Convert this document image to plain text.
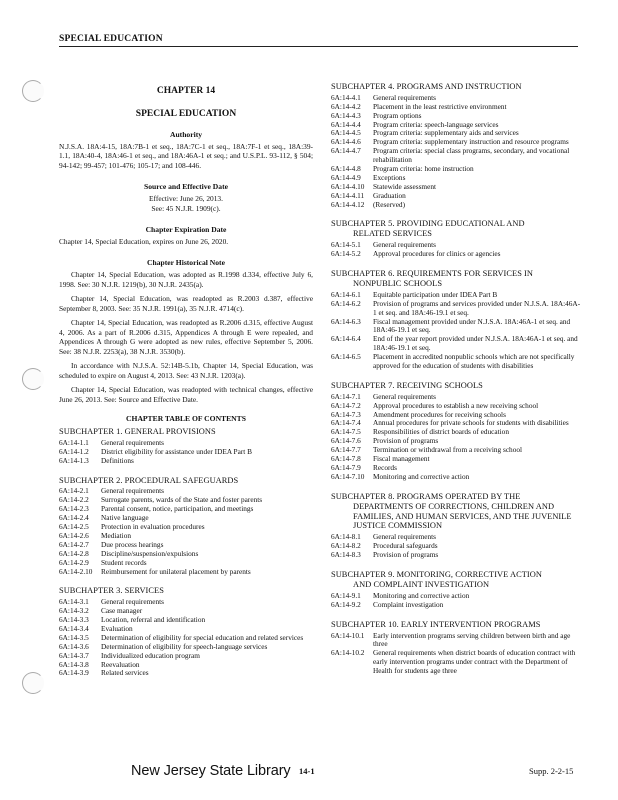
SPECIAL EDUCATION
CHAPTER 14
SPECIAL EDUCATION
Authority
N.J.S.A. 18A:4-15, 18A:7B-1 et seq., 18A:7C-1 et seq., 18A:7F-1 et seq., 18A:39-1.1, 18A:40-4, 18A:46-1 et seq., and 18A:46A-1 et seq.; and U.S.P.L. 93-112, § 504; 94-142; 99-457; 101-476; 105-17; and 108-446.
Source and Effective Date
Effective: June 26, 2013.
See: 45 N.J.R. 1909(c).
Chapter Expiration Date
Chapter 14, Special Education, expires on June 26, 2020.
Chapter Historical Note
Chapter 14, Special Education, was adopted as R.1998 d.334, effective July 6, 1998. See: 30 N.J.R. 1219(b), 30 N.J.R. 2435(a).
Chapter 14, Special Education, was readopted as R.2003 d.387, effective September 8, 2003. See: 35 N.J.R. 1991(a), 35 N.J.R. 4714(c).
Chapter 14, Special Education, was readopted as R.2006 d.315, effective August 4, 2006. As a part of R.2006 d.315, Appendices A through E were repealed, and Appendices A through G were adopted as new rules, effective September 5, 2006. See: 38 N.J.R. 2253(a), 38 N.J.R. 3530(b).
In accordance with N.J.S.A. 52:14B-5.1b, Chapter 14, Special Education, was scheduled to expire on August 4, 2013. See: 43 N.J.R. 1203(a).
Chapter 14, Special Education, was readopted with technical changes, effective June 26, 2013. See: Source and Effective Date.
CHAPTER TABLE OF CONTENTS
SUBCHAPTER 1. GENERAL PROVISIONS
6A:14-1.1	General requirements
6A:14-1.2	District eligibility for assistance under IDEA Part B
6A:14-1.3	Definitions
SUBCHAPTER 2. PROCEDURAL SAFEGUARDS
6A:14-2.1	General requirements
6A:14-2.2	Surrogate parents, wards of the State and foster parents
6A:14-2.3	Parental consent, notice, participation, and meetings
6A:14-2.4	Native language
6A:14-2.5	Protection in evaluation procedures
6A:14-2.6	Mediation
6A:14-2.7	Due process hearings
6A:14-2.8	Discipline/suspension/expulsions
6A:14-2.9	Student records
6A:14-2.10	Reimbursement for unilateral placement by parents
SUBCHAPTER 3. SERVICES
6A:14-3.1	General requirements
6A:14-3.2	Case manager
6A:14-3.3	Location, referral and identification
6A:14-3.4	Evaluation
6A:14-3.5	Determination of eligibility for special education and related services
6A:14-3.6	Determination of eligibility for speech-language services
6A:14-3.7	Individualized education program
6A:14-3.8	Reevaluation
6A:14-3.9	Related services
SUBCHAPTER 4. PROGRAMS AND INSTRUCTION
6A:14-4.1	General requirements
6A:14-4.2	Placement in the least restrictive environment
6A:14-4.3	Program options
6A:14-4.4	Program criteria: speech-language services
6A:14-4.5	Program criteria: supplementary aids and services
6A:14-4.6	Program criteria: supplementary instruction and resource programs
6A:14-4.7	Program criteria: special class programs, secondary, and vocational rehabilitation
6A:14-4.8	Program criteria: home instruction
6A:14-4.9	Exceptions
6A:14-4.10	Statewide assessment
6A:14-4.11	Graduation
6A:14-4.12	(Reserved)
SUBCHAPTER 5. PROVIDING EDUCATIONAL AND
RELATED SERVICES
6A:14-5.1	General requirements
6A:14-5.2	Approval procedures for clinics or agencies
SUBCHAPTER 6. REQUIREMENTS FOR SERVICES IN
NONPUBLIC SCHOOLS
6A:14-6.1	Equitable participation under IDEA Part B
6A:14-6.2	Provision of programs and services provided under N.J.S.A. 18A:46A-1 et seq. and 18A:46-19.1 et seq.
6A:14-6.3	Fiscal management provided under N.J.S.A. 18A:46A-1 et seq. and 18A:46-19.1 et seq.
6A:14-6.4	End of the year report provided under N.J.S.A. 18A:46A-1 et seq. and 18A:46-19.1 et seq.
6A:14-6.5	Placement in accredited nonpublic schools which are not specifically approved for the education of students with disabilities
SUBCHAPTER 7. RECEIVING SCHOOLS
6A:14-7.1	General requirements
6A:14-7.2	Approval procedures to establish a new receiving school
6A:14-7.3	Amendment procedures for receiving schools
6A:14-7.4	Annual procedures for private schools for students with disabilities
6A:14-7.5	Responsibilities of district boards of education
6A:14-7.6	Provision of programs
6A:14-7.7	Termination or withdrawal from a receiving school
6A:14-7.8	Fiscal management
6A:14-7.9	Records
6A:14-7.10	Monitoring and corrective action
SUBCHAPTER 8. PROGRAMS OPERATED BY THE
DEPARTMENTS OF CORRECTIONS, CHILDREN AND FAMILIES, AND HUMAN SERVICES, AND THE JUVENILE JUSTICE COMMISSION
6A:14-8.1	General requirements
6A:14-8.2	Procedural safeguards
6A:14-8.3	Provision of programs
SUBCHAPTER 9. MONITORING, CORRECTIVE ACTION
AND COMPLAINT INVESTIGATION
6A:14-9.1	Monitoring and corrective action
6A:14-9.2	Complaint investigation
SUBCHAPTER 10. EARLY INTERVENTION PROGRAMS
6A:14-10.1	Early intervention programs serving children between birth and age three
6A:14-10.2	General requirements when district boards of education contract with early intervention programs under contract with the Department of Health for students age three
New Jersey State Library 14-1	Supp. 2-2-15
